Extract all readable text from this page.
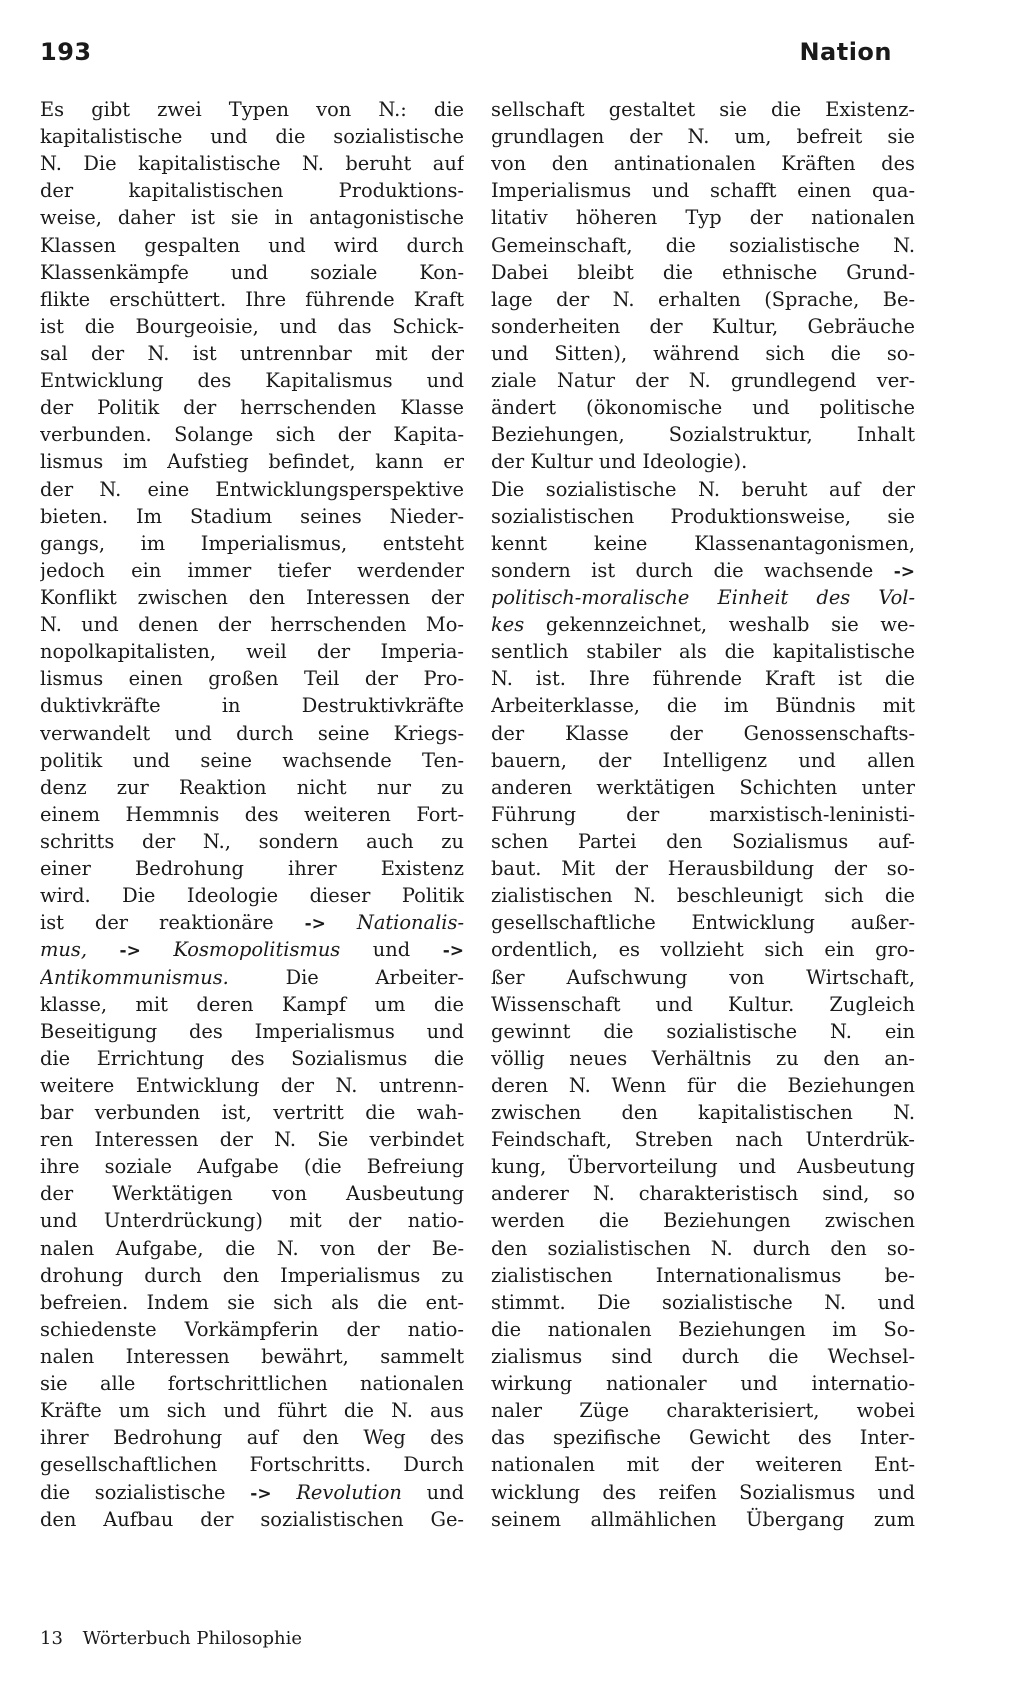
193	Nation
Es gibt zwei Typen von N.: die
kapitalistische und die sozialistische
N. Die kapitalistische N. beruht auf
der kapitalistischen Produktions-
weise, daher ist sie in antagonistische
Klassen gespalten und wird durch
Klassenkämpfe und soziale Kon-
flikte erschüttert. Ihre führende Kraft
ist die Bourgeoisie, und das Schick-
sal der N. ist untrennbar mit der
Entwicklung des Kapitalismus und
der Politik der herrschenden Klasse
verbunden. Solange sich der Kapita-
lismus im Aufstieg befindet, kann er
der N. eine Entwicklungsperspektive
bieten. Im Stadium seines Nieder-
gangs, im Imperialismus, entsteht
jedoch ein immer tiefer werdender
Konflikt zwischen den Interessen der
N. und denen der herrschenden Mo-
nopolkapitalisten, weil der Imperia-
lismus einen großen Teil der Pro-
duktivkräfte in Destruktivkräfte
verwandelt und durch seine Kriegs-
politik und seine wachsende Ten-
denz zur Reaktion nicht nur zu
einem Hemmnis des weiteren Fort-
schritts der N., sondern auch zu
einer Bedrohung ihrer Existenz
wird. Die Ideologie dieser Politik
ist der reaktionäre -> Nationalis-
mus, -> Kosmopolitismus und ->
Antikommunismus.	Die Arbeiter-
klasse, mit deren Kampf um die
Beseitigung des Imperialismus und
die Errichtung des Sozialismus die
weitere Entwicklung der N. untrenn-
bar verbunden ist, vertritt die wah-
ren Interessen der N. Sie verbindet
ihre soziale Aufgabe (die Befreiung
der Werktätigen von Ausbeutung
und Unterdrückung) mit der natio-
nalen Aufgabe, die N. von der Be-
drohung durch den Imperialismus zu
befreien. Indem sie sich als die ent-
schiedenste Vorkämpferin der natio-
nalen Interessen bewährt, sammelt
sie alle fortschrittlichen nationalen
Kräfte um sich und führt die N. aus
ihrer Bedrohung auf den Weg des
gesellschaftlichen Fortschritts. Durch
die sozialistische -> Revolution und
den Aufbau der sozialistischen Ge-
sellschaft gestaltet sie die Existenz-
grundlagen der N. um, befreit sie
von den antinationalen Kräften des
Imperialismus und schafft einen qua-
litativ höheren Typ der nationalen
Gemeinschaft, die sozialistische N.
Dabei bleibt die ethnische Grund-
lage der N. erhalten (Sprache, Be-
sonderheiten der Kultur, Gebräuche
und Sitten), während sich die so-
ziale Natur der N. grundlegend ver-
ändert (ökonomische und politische
Beziehungen, Sozialstruktur, Inhalt
der Kultur und Ideologie).
Die sozialistische N. beruht auf der
sozialistischen Produktionsweise, sie
kennt keine Klassenantagonismen,
sondern ist durch die wachsende ->
politisch-moralische Einheit des Vol-
kes gekennzeichnet, weshalb sie we-
sentlich stabiler als die kapitalistische
N. ist. Ihre führende Kraft ist die
Arbeiterklasse, die im Bündnis mit
der Klasse der Genossenschafts-
bauern, der Intelligenz und allen
anderen werktätigen Schichten unter
Führung der marxistisch-leninisti-
schen Partei den Sozialismus auf-
baut. Mit der Herausbildung der so-
zialistischen N. beschleunigt sich die
gesellschaftliche Entwicklung außer-
ordentlich, es vollzieht sich ein gro-
ßer Aufschwung von Wirtschaft,
Wissenschaft und Kultur. Zugleich
gewinnt die sozialistische N. ein
völlig neues Verhältnis zu den an-
deren N. Wenn für die Beziehungen
zwischen den kapitalistischen N.
Feindschaft, Streben nach Unterdrük-
kung, Übervorteilung und Ausbeutung
anderer N. charakteristisch sind, so
werden die Beziehungen zwischen
den sozialistischen N. durch den so-
zialistischen Internationalismus be-
stimmt. Die sozialistische N. und
die nationalen Beziehungen im So-
zialismus sind durch die Wechsel-
wirkung nationaler und internatio-
naler Züge charakterisiert, wobei
das spezifische Gewicht des Inter-
nationalen mit der weiteren Ent-
wicklung des reifen Sozialismus und
seinem allmählichen Übergang zum
13 Wörterbuch Philosophie
